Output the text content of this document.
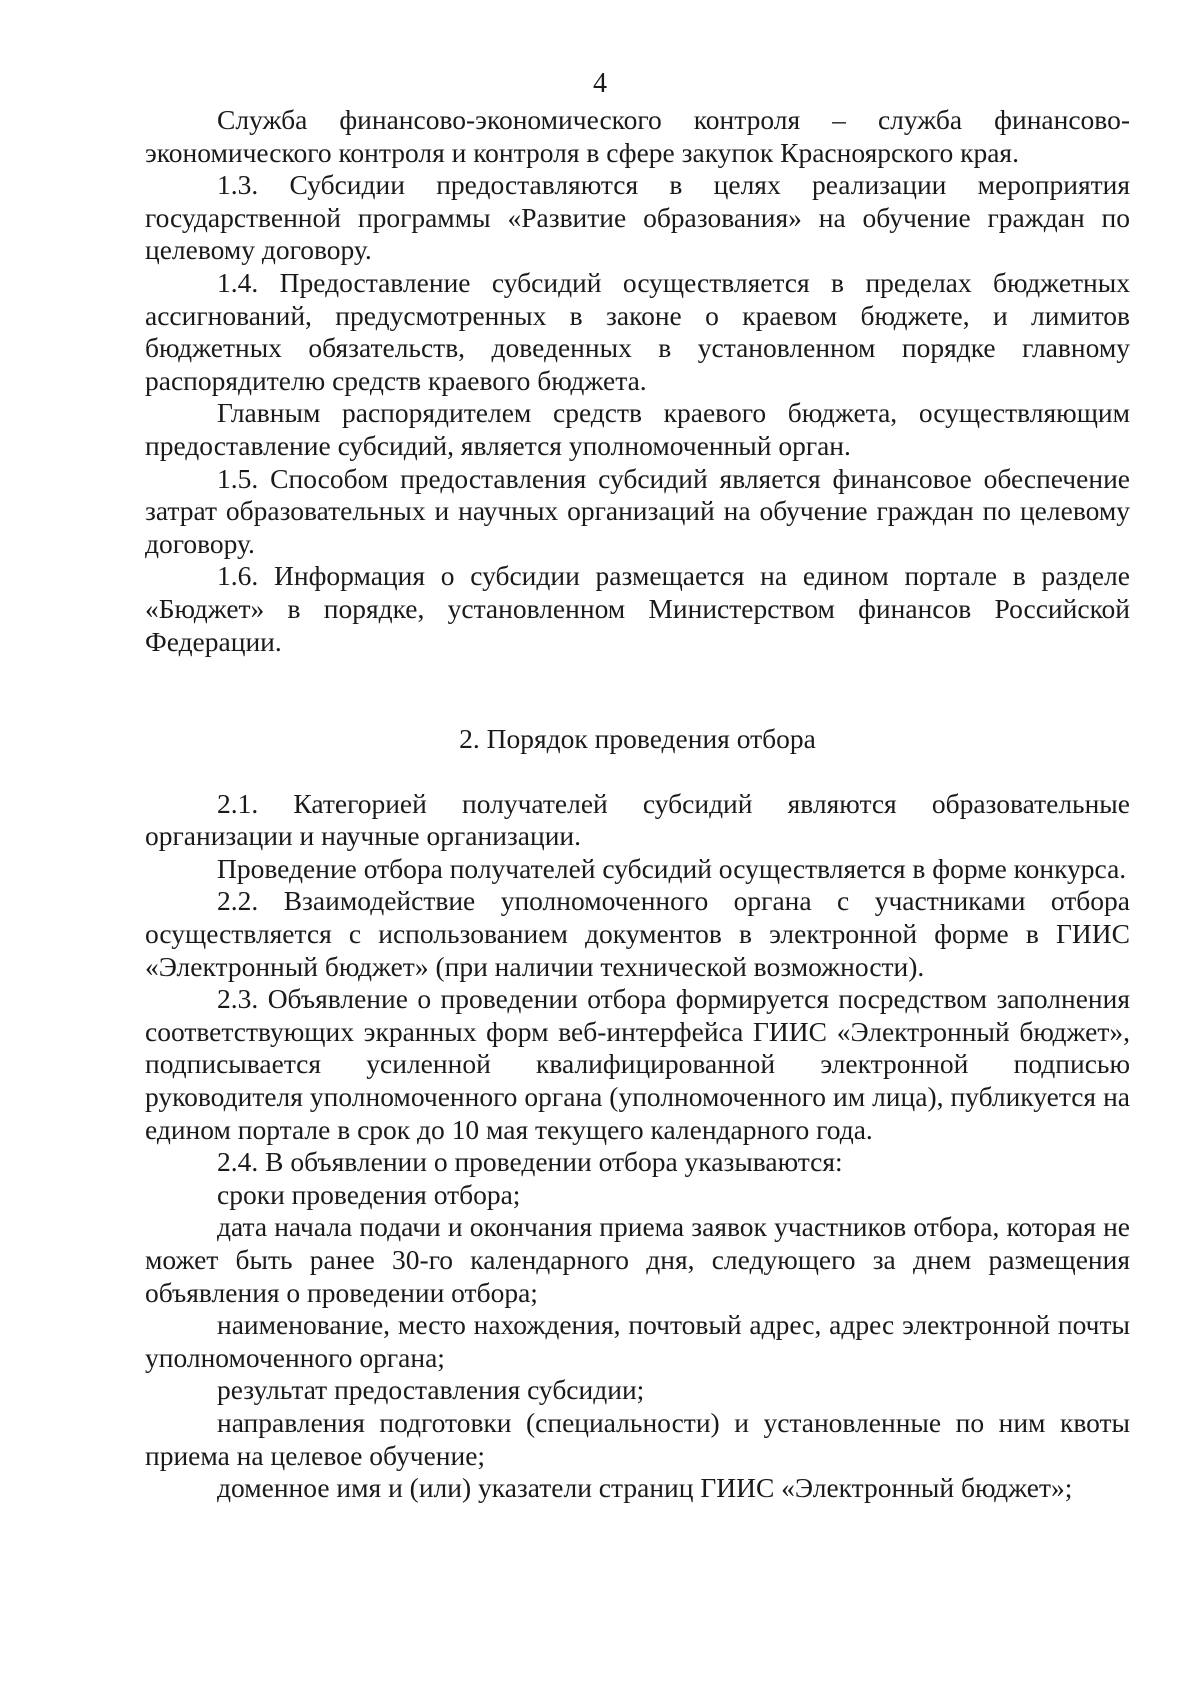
4

Служба финансово-экономического контроля – служба финансово-экономического контроля и контроля в сфере закупок Красноярского края.

1.3. Субсидии предоставляются в целях реализации мероприятия государственной программы «Развитие образования» на обучение граждан по целевому договору.

1.4. Предоставление субсидий осуществляется в пределах бюджетных ассигнований, предусмотренных в законе о краевом бюджете, и лимитов бюджетных обязательств, доведенных в установленном порядке главному распорядителю средств краевого бюджета.

Главным распорядителем средств краевого бюджета, осуществляющим предоставление субсидий, является уполномоченный орган.

1.5. Способом предоставления субсидий является финансовое обеспечение затрат образовательных и научных организаций на обучение граждан по целевому договору.

1.6. Информация о субсидии размещается на едином портале в разделе «Бюджет» в порядке, установленном Министерством финансов Российской Федерации.

2. Порядок проведения отбора

2.1. Категорией получателей субсидий являются образовательные организации и научные организации.

Проведение отбора получателей субсидий осуществляется в форме конкурса.

2.2. Взаимодействие уполномоченного органа с участниками отбора осуществляется с использованием документов в электронной форме в ГИИС «Электронный бюджет» (при наличии технической возможности).

2.3. Объявление о проведении отбора формируется посредством заполнения соответствующих экранных форм веб-интерфейса ГИИС «Электронный бюджет», подписывается усиленной квалифицированной электронной подписью руководителя уполномоченного органа (уполномоченного им лица), публикуется на едином портале в срок до 10 мая текущего календарного года.

2.4. В объявлении о проведении отбора указываются:

сроки проведения отбора;

дата начала подачи и окончания приема заявок участников отбора, которая не может быть ранее 30-го календарного дня, следующего за днем размещения объявления о проведении отбора;

наименование, место нахождения, почтовый адрес, адрес электронной почты уполномоченного органа;

результат предоставления субсидии;

направления подготовки (специальности) и установленные по ним квоты приема на целевое обучение;

доменное имя и (или) указатели страниц ГИИС «Электронный бюджет»;
